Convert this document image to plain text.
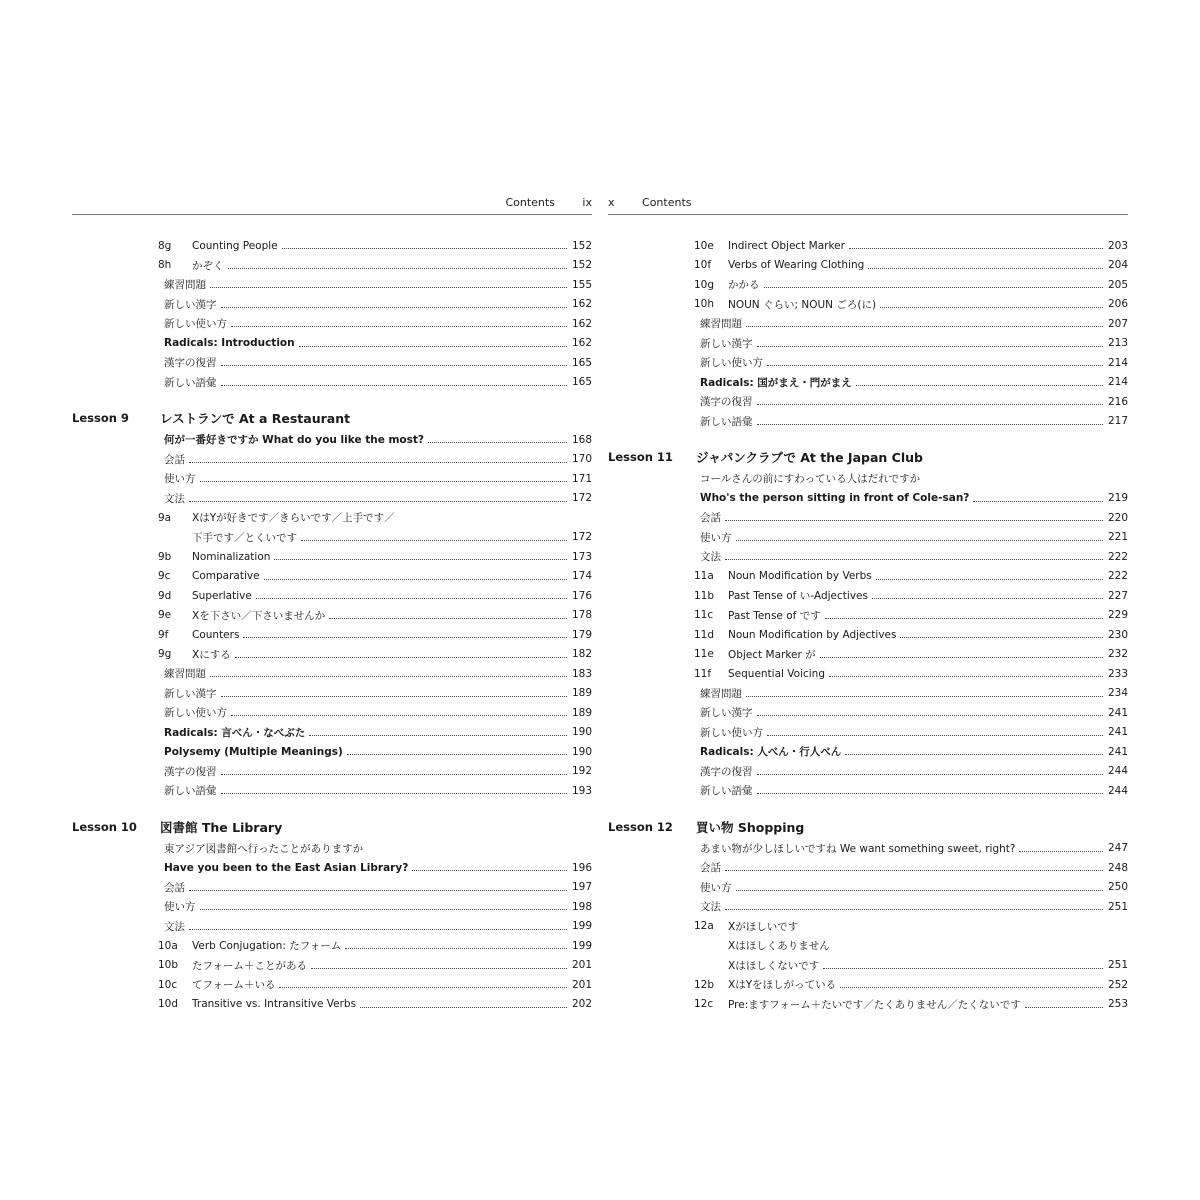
Contents	ix x	Contents
8g	Counting People	152
8h	かぞく	152
練習問題	155
新しい漢字	162
新しい使い方	162
Radicals: Introduction	162
漢字の復習	165
新しい語彙	165
Lesson 9	レストランで At a Restaurant
何が一番好きですか What do you like the most?	168
会話	170
使い方	171
文法	172
9a	XはYが好きです／きらいです／上手です／
下手です／とくいです	172
9b	Nominalization	173
9c	Comparative	174
9d	Superlative	176
9e	Xを下さい／下さいませんか	178
9f	Counters	179
9g	Xにする	182
練習問題	183
新しい漢字	189
新しい使い方	189
Radicals: 言べん・なべぶた	190
Polysemy (Multiple Meanings)	190
漢字の復習	192
新しい語彙	193
Lesson 10	図書館 The Library
東アジア図書館へ行ったことがありますか
Have you been to the East Asian Library?	196
会話	197
使い方	198
文法	199
10a	Verb Conjugation: たフォーム	199
10b	たフォーム＋ことがある	201
10c	てフォーム＋いる	201
10d	Transitive vs. Intransitive Verbs	202
10e	Indirect Object Marker	203
10f	Verbs of Wearing Clothing	204
10g	かかる	205
10h	NOUN ぐらい; NOUN ごろ(に)	206
練習問題	207
新しい漢字	213
新しい使い方	214
Radicals: 国がまえ・門がまえ	214
漢字の復習	216
新しい語彙	217
Lesson 11	ジャパンクラブで At the Japan Club
コールさんの前にすわっている人はだれですか
Who's the person sitting in front of Cole-san?	219
会話	220
使い方	221
文法	222
11a	Noun Modification by Verbs	222
11b	Past Tense of い-Adjectives	227
11c	Past Tense of です	229
11d	Noun Modification by Adjectives	230
11e	Object Marker が	232
11f	Sequential Voicing	233
練習問題	234
新しい漢字	241
新しい使い方	241
Radicals: 人べん・行人べん	241
漢字の復習	244
新しい語彙	244
Lesson 12	買い物 Shopping
あまい物が少しほしいですね We want something sweet, right?	247
会話	248
使い方	250
文法	251
12a	Xがほしいです
Xはほしくありません
Xはほしくないです	251
12b	XはYをほしがっている	252
12c	Pre:ますフォーム＋たいです／たくありません／たくないです	253
